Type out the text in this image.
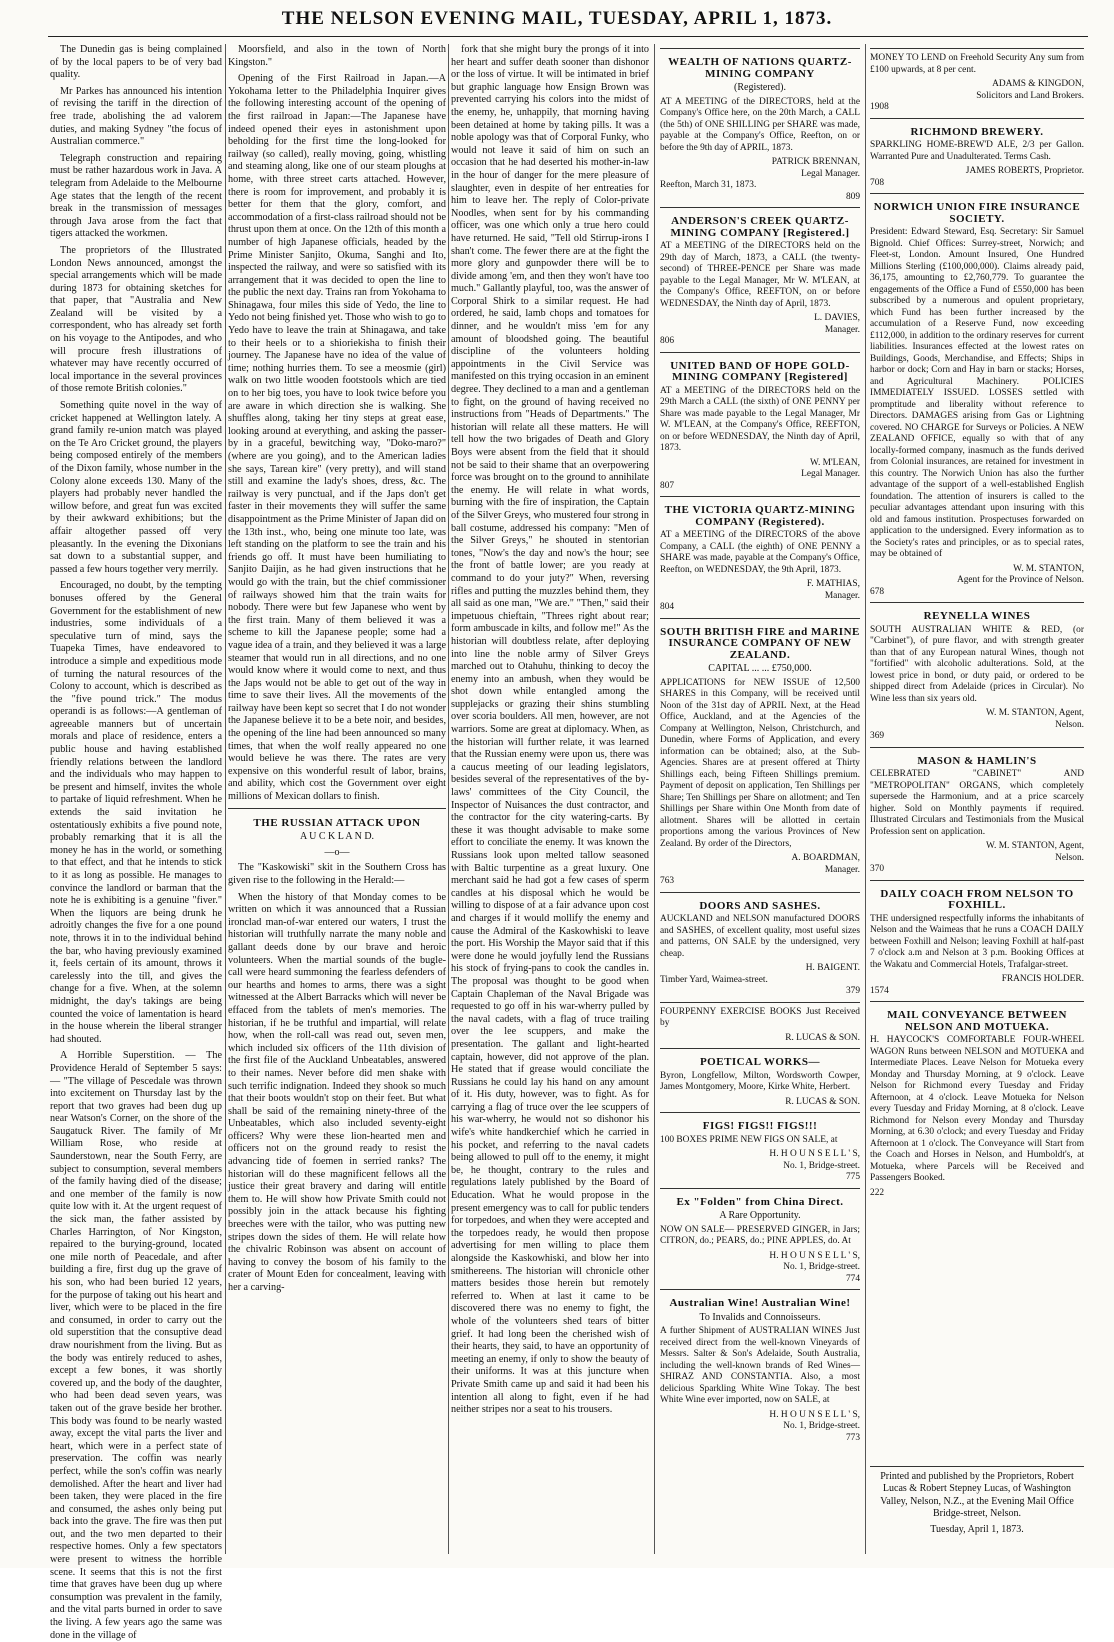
THE NELSON EVENING MAIL, TUESDAY, APRIL 1, 1873.

The Dunedin gas is being complained of by the local papers to be of very bad quality.

Mr Parkes has announced his intention of revising the tariff in the direction of free trade, abolishing the ad valorem duties, and making Sydney "the focus of Australian commerce."

Telegraph construction and repairing must be rather hazardous work in Java. A telegram from Adelaide to the Melbourne Age states that the length of the recent break in the transmission of messages through Java arose from the fact that tigers attacked the workmen.

The proprietors of the Illustrated London News announced, amongst the special arrangements which will be made during 1873 for obtaining sketches for that paper, that "Australia and New Zealand will be visited by a correspondent, who has already set forth on his voyage to the Antipodes, and who will procure fresh illustrations of whatever may have recently occurred of local importance in the several provinces of those remote British colonies."

Something quite novel in the way of cricket happened at Wellington lately. A grand family re-union match was played on the Te Aro Cricket ground, the players being composed entirely of the members of the Dixon family, whose number in the Colony alone exceeds 130. Many of the players had probably never handled the willow before, and great fun was excited by their awkward exhibitions; but the affair altogether passed off very pleasantly. In the evening the Dixonians sat down to a substantial supper, and passed a few hours together very merrily.

Encouraged, no doubt, by the tempting bonuses offered by the General Government for the establishment of new industries, some individuals of a speculative turn of mind, says the Tuapeka Times, have endeavored to introduce a simple and expeditious mode of turning the natural resources of the Colony to account, which is described as the "five pound trick." The modus operandi is as follows:—A gentleman of agreeable manners but of uncertain morals and place of residence, enters a public house and having established friendly relations between the landlord and the individuals who may happen to be present and himself, invites the whole to partake of liquid refreshment. When he extends the said invitation he ostentatiously exhibits a five pound note, probably remarking that it is all the money he has in the world, or something to that effect, and that he intends to stick to it as long as possible. He manages to convince the landlord or barman that the note he is exhibiting is a genuine "fiver." When the liquors are being drunk he adroitly changes the five for a one pound note, throws it in to the individual behind the bar, who having previously examined it, feels certain of its amount, throws it carelessly into the till, and gives the change for a five. When, at the solemn midnight, the day's takings are being counted the voice of lamentation is heard in the house wherein the liberal stranger had shouted.

A Horrible Superstition. — The Providence Herald of September 5 says:— "The village of Pescedale was thrown into excitement on Thursday last by the report that two graves had been dug up near Watson's Corner, on the shore of the Saugatuck River. The family of Mr William Rose, who reside at Saunderstown, near the South Ferry, are subject to consumption, several members of the family having died of the disease; and one member of the family is now quite low with it. At the urgent request of the sick man, the father assisted by Charles Harrington, of Nor Kingston, repaired to the burying-ground, located one mile north of Peacedale, and after building a fire, first dug up the grave of his son, who had been buried 12 years, for the purpose of taking out his heart and liver, which were to be placed in the fire and consumed, in order to carry out the old superstition that the consuptive dead draw nourishment from the living. But as the body was entirely reduced to ashes, except a few bones, it was shortly covered up, and the body of the daughter, who had been dead seven years, was taken out of the grave beside her brother. This body was found to be nearly wasted away, except the vital parts the liver and heart, which were in a perfect state of preservation. The coffin was nearly perfect, while the son's coffin was nearly demolished. After the heart and liver had been taken, they were placed in the fire and consumed, the ashes only being put back into the grave. The fire was then put out, and the two men departed to their respective homes. Only a few spectators were present to witness the horrible scene. It seems that this is not the first time that graves have been dug up where consumption was prevalent in the family, and the vital parts burned in order to save the living. A few years ago the same was done in the village of

Moorsfield, and also in the town of North Kingston."

Opening of the First Railroad in Japan.—A Yokohama letter to the Philadelphia Inquirer gives the following interesting account of the opening of the first railroad in Japan:—The Japanese have indeed opened their eyes in astonishment upon beholding for the first time the long-looked for railway (so called), really moving, going, whistling and steaming along, like one of our steam ploughs at home, with three street carts attached. However, there is room for improvement, and probably it is better for them that the glory, comfort, and accommodation of a first-class railroad should not be thrust upon them at once. On the 12th of this month a number of high Japanese officials, headed by the Prime Minister Sanjito, Okuma, Sanghi and Ito, inspected the railway, and were so satisfied with its arrangement that it was decided to open the line to the public the next day. Trains ran from Yokohama to Shinagawa, four miles this side of Yedo, the line to Yedo not being finished yet. Those who wish to go to Yedo have to leave the train at Shinagawa, and take to their heels or to a shioriekisha to finish their journey. The Japanese have no idea of the value of time; nothing hurries them. To see a meosmie (girl) walk on two little wooden footstools which are tied on to her big toes, you have to look twice before you are aware in which direction she is walking. She shuffles along, taking her tiny steps at great ease, looking around at everything, and asking the passer-by in a graceful, bewitching way, "Doko-maro?" (where are you going), and to the American ladies she says, Tarean kire" (very pretty), and will stand still and examine the lady's shoes, dress, &c. The railway is very punctual, and if the Japs don't get faster in their movements they will suffer the same disappointment as the Prime Minister of Japan did on the 13th inst., who, being one minute too late, was left standing on the platform to see the train and his friends go off. It must have been humiliating to Sanjito Daijin, as he had given instructions that he would go with the train, but the chief commissioner of railways showed him that the train waits for nobody. There were but few Japanese who went by the first train. Many of them believed it was a scheme to kill the Japanese people; some had a vague idea of a train, and they believed it was a large steamer that would run in all directions, and no one would know where it would come to next, and thus the Japs would not be able to get out of the way in time to save their lives. All the movements of the railway have been kept so secret that I do not wonder the Japanese believe it to be a bete noir, and besides, the opening of the line had been announced so many times, that when the wolf really appeared no one would believe he was there. The rates are very expensive on this wonderful result of labor, brains, and ability, which cost the Government over eight millions of Mexican dollars to finish.

THE RUSSIAN ATTACK UPON
A U C K L A N D.
—o—

The "Kaskowiski" skit in the Southern Cross has given rise to the following in the Herald:—

When the history of that Monday comes to be written on which it was announced that a Russian ironclad man-of-war entered our waters, I trust the historian will truthfully narrate the many noble and gallant deeds done by our brave and heroic volunteers. When the martial sounds of the bugle-call were heard summoning the fearless defenders of our hearths and homes to arms, there was a sight witnessed at the Albert Barracks which will never be effaced from the tablets of men's memories. The historian, if he be truthful and impartial, will relate how, when the roll-call was read out, seven men, which included six officers of the 11th division of the first file of the Auckland Unbeatables, answered to their names. Never before did men shake with such terrific indignation. Indeed they shook so much that their boots wouldn't stop on their feet. But what shall be said of the remaining ninety-three of the Unbeatables, which also included seventy-eight officers? Why were these lion-hearted men and officers not on the ground ready to resist the advancing tide of foemen in serried ranks? The historian will do these magnificent fellows all the justice their great bravery and daring will entitle them to. He will show how Private Smith could not possibly join in the attack because his fighting breeches were with the tailor, who was putting new stripes down the sides of them. He will relate how the chivalric Robinson was absent on account of having to convey the bosom of his family to the crater of Mount Eden for concealment, leaving with her a carving-

fork that she might bury the prongs of it into her heart and suffer death sooner than dishonor or the loss of virtue. It will be intimated in brief but graphic language how Ensign Brown was prevented carrying his colors into the midst of the enemy, he, unhappily, that morning having been detained at home by taking pills. It was a noble apology was that of Corporal Funky, who would not leave it said of him on such an occasion that he had deserted his mother-in-law in the hour of danger for the mere pleasure of slaughter, even in despite of her entreaties for him to leave her. The reply of Color-private Noodles, when sent for by his commanding officer, was one which only a true hero could have returned. He said, "Tell old Stirrup-irons I shan't come. The fewer there are at the fight the more glory and gunpowder there will be to divide among 'em, and then they won't have too much." Gallantly playful, too, was the answer of Corporal Shirk to a similar request. He had ordered, he said, lamb chops and tomatoes for dinner, and he wouldn't miss 'em for any amount of bloodshed going. The beautiful discipline of the volunteers holding appointments in the Civil Service was manifested on this trying occasion in an eminent degree. They declined to a man and a gentleman to fight, on the ground of having received no instructions from "Heads of Departments." The historian will relate all these matters. He will tell how the two brigades of Death and Glory Boys were absent from the field that it should not be said to their shame that an overpowering force was brought on to the ground to annihilate the enemy. He will relate in what words, burning with the fire of inspiration, the Captain of the Silver Greys, who mustered four strong in ball costume, addressed his company: "Men of the Silver Greys," he shouted in stentorian tones, "Now's the day and now's the hour; see the front of battle lower; are you ready at command to do your juty?" When, reversing rifles and putting the muzzles behind them, they all said as one man, "We are." "Then," said their impetuous chieftain, "Threes right about rear; form ambuscade in kilts, and follow me!" As the historian will doubtless relate, after deploying into line the noble army of Silver Greys marched out to Otahuhu, thinking to decoy the enemy into an ambush, when they would be shot down while entangled among the supplejacks or grazing their shins stumbling over scoria boulders. All men, however, are not warriors. Some are great at diplomacy. When, as the historian will further relate, it was learned that the Russian enemy were upon us, there was a caucus meeting of our leading legislators, besides several of the representatives of the by-laws' committees of the City Council, the Inspector of Nuisances the dust contractor, and the contractor for the city watering-carts. By these it was thought advisable to make some effort to conciliate the enemy. It was known the Russians look upon melted tallow seasoned with Baltic turpentine as a great luxury. One merchant said he had got a few cases of sperm candles at his disposal which he would be willing to dispose of at a fair advance upon cost and charges if it would mollify the enemy and cause the Admiral of the Kaskowhiski to leave the port. His Worship the Mayor said that if this were done he would joyfully lend the Russians his stock of frying-pans to cook the candles in. The proposal was thought to be good when Captain Chapleman of the Naval Brigade was requested to go off in his war-wherry pulled by the naval cadets, with a flag of truce trailing over the lee scuppers, and make the presentation. The gallant and light-hearted captain, however, did not approve of the plan. He stated that if grease would conciliate the Russians he could lay his hand on any amount of it. His duty, however, was to fight. As for carrying a flag of truce over the lee scuppers of his war-wherry, he would not so dishonor his wife's white handkerchief which he carried in his pocket, and referring to the naval cadets being allowed to pull off to the enemy, it might be, he thought, contrary to the rules and regulations lately published by the Board of Education. What he would propose in the present emergency was to call for public tenders for torpedoes, and when they were accepted and the torpedoes ready, he would then propose advertising for men willing to place them alongside the Kaskowhiski, and blow her into smithereens. The historian will chronicle other matters besides those herein but remotely referred to. When at last it came to be discovered there was no enemy to fight, the whole of the volunteers shed tears of bitter grief. It had long been the cherished wish of their hearts, they said, to have an opportunity of meeting an enemy, if only to show the beauty of their uniforms. It was at this juncture when Private Smith came up and said it had been his intention all along to fight, even if he had neither stripes nor a seat to his trousers.

WEALTH OF NATIONS QUARTZ-MINING COMPANY
(Registered).
AT A MEETING of the DIRECTORS, held at the Company's Office here, on the 20th March, a CALL (the 5th) of ONE SHILLING per SHARE was made, payable at the Company's Office, Reefton, on or before the 9th day of APRIL, 1873.
PATRICK BRENNAN,
Legal Manager.
Reefton, March 31, 1873.
809
ANDERSON'S CREEK QUARTZ-MINING COMPANY [Registered.]
AT a MEETING of the DIRECTORS held on the 29th day of March, 1873, a CALL (the twenty-second) of THREE-PENCE per Share was made payable to the Legal Manager, Mr W. M'LEAN, at the Company's Office, REEFTON, on or before WEDNESDAY, the Ninth day of April, 1873.
L. DAVIES,
Manager.
806
UNITED BAND OF HOPE GOLD-MINING COMPANY [Registered]
AT a MEETING of the DIRECTORS held on the 29th March a CALL (the sixth) of ONE PENNY per Share was made payable to the Legal Manager, Mr W. M'LEAN, at the Company's Office, REEFTON, on or before WEDNESDAY, the Ninth day of April, 1873.
W. M'LEAN,
Legal Manager.
807
THE VICTORIA QUARTZ-MINING COMPANY (Registered).
AT a MEETING of the DIRECTORS of the above Company, a CALL (the eighth) of ONE PENNY a SHARE was made, payable at the Company's Office, Reefton, on WEDNESDAY, the 9th April, 1873.
F. MATHIAS,
Manager.
804
SOUTH BRITISH FIRE and MARINE INSURANCE COMPANY OF NEW ZEALAND.
CAPITAL ... ... £750,000.
APPLICATIONS for NEW ISSUE of 12,500 SHARES in this Company, will be received until Noon of the 31st day of APRIL Next, at the Head Office, Auckland, and at the Agencies of the Company at Wellington, Nelson, Christchurch, and Dunedin, where Forms of Application, and every information can be obtained; also, at the Sub-Agencies. Shares are at present offered at Thirty Shillings each, being Fifteen Shillings premium. Payment of deposit on application, Ten Shillings per Share; Ten Shillings per Share on allotment; and Ten Shillings per Share within One Month from date of allotment. Shares will be allotted in certain proportions among the various Provinces of New Zealand. By order of the Directors,
A. BOARDMAN,
Manager.
763
DOORS AND SASHES.
AUCKLAND and NELSON manufactured DOORS and SASHES, of excellent quality, most useful sizes and patterns, ON SALE by the undersigned, very cheap.
H. BAIGENT.
Timber Yard, Waimea-street.
379
FOURPENNY EXERCISE BOOKS Just Received by
R. LUCAS & SON.
POETICAL WORKS—
Byron, Longfellow, Milton, Wordsworth Cowper, James Montgomery, Moore, Kirke White, Herbert.
R. LUCAS & SON.
FIGS! FIGS!! FIGS!!!
100 BOXES PRIME NEW FIGS ON SALE, at
H. H O U N S E L L ' S,
No. 1, Bridge-street.
775
Ex "Folden" from China Direct.
A Rare Opportunity.
NOW ON SALE— PRESERVED GINGER, in Jars; CITRON, do.; PEARS, do.; PINE APPLES, do. At
H. H O U N S E L L ' S,
No. 1, Bridge-street.
774
Australian Wine! Australian Wine!
To Invalids and Connoisseurs.
A further Shipment of AUSTRALIAN WINES Just received direct from the well-known Vineyards of Messrs. Salter & Son's Adelaide, South Australia, including the well-known brands of Red Wines— SHIRAZ AND CONSTANTIA. Also, a most delicious Sparkling White Wine Tokay. The best White Wine ever imported, now on SALE, at
H. H O U N S E L L ' S,
No. 1, Bridge-street.
773
MONEY TO LEND on Freehold Security Any sum from £100 upwards, at 8 per cent.
ADAMS & KINGDON,
Solicitors and Land Brokers.
1908
RICHMOND BREWERY.
SPARKLING HOME-BREW'D ALE, 2/3 per Gallon. Warranted Pure and Unadulterated. Terms Cash.
JAMES ROBERTS, Proprietor.
708
NORWICH UNION FIRE INSURANCE SOCIETY.
President: Edward Steward, Esq. Secretary: Sir Samuel Bignold. Chief Offices: Surrey-street, Norwich; and Fleet-st, London. Amount Insured, One Hundred Millions Sterling (£100,000,000). Claims already paid, 36,175, amounting to £2,760,779. To guarantee the engagements of the Office a Fund of £550,000 has been subscribed by a numerous and opulent proprietary, which Fund has been further increased by the accumulation of a Reserve Fund, now exceeding £112,000, in addition to the ordinary reserves for current liabilities. Insurances effected at the lowest rates on Buildings, Goods, Merchandise, and Effects; Ships in harbor or dock; Corn and Hay in barn or stacks; Horses, and Agricultural Machinery. POLICIES IMMEDIATELY ISSUED. LOSSES settled with promptitude and liberality without reference to Directors. DAMAGES arising from Gas or Lightning covered. NO CHARGE for Surveys or Policies. A NEW ZEALAND OFFICE, equally so with that of any locally-formed company, inasmuch as the funds derived from Colonial insurances, are retained for investment in this country. The Norwich Union has also the further advantage of the support of a well-established English foundation. The attention of insurers is called to the peculiar advantages attendant upon insuring with this old and famous institution. Prospectuses forwarded on application to the undersigned. Every information as to the Society's rates and principles, or as to special rates, may be obtained of
W. M. STANTON,
Agent for the Province of Nelson.
678
REYNELLA WINES
SOUTH AUSTRALIAN WHITE & RED, (or "Carbinet"), of pure flavor, and with strength greater than that of any European natural Wines, though not "fortified" with alcoholic adulterations. Sold, at the lowest price in bond, or duty paid, or ordered to be shipped direct from Adelaide (prices in Circular). No Wine less than six years old.
W. M. STANTON, Agent,
Nelson.
369
MASON & HAMLIN'S
CELEBRATED "CABINET" AND "METROPOLITAN" ORGANS, which completely supersede the Harmonium, and at a price scarcely higher. Sold on Monthly payments if required. Illustrated Circulars and Testimonials from the Musical Profession sent on application.
W. M. STANTON, Agent,
Nelson.
370
DAILY COACH FROM NELSON TO FOXHILL.
THE undersigned respectfully informs the inhabitants of Nelson and the Waimeas that he runs a COACH DAILY between Foxhill and Nelson; leaving Foxhill at half-past 7 o'clock a.m and Nelson at 3 p.m. Booking Offices at the Wakatu and Commercial Hotels, Trafalgar-street.
FRANCIS HOLDER.
1574
MAIL CONVEYANCE BETWEEN NELSON AND MOTUEKA.
H. HAYCOCK'S COMFORTABLE FOUR-WHEEL WAGON Runs between NELSON and MOTUEKA and Intermediate Places. Leave Nelson for Motueka every Monday and Thursday Morning, at 9 o'clock. Leave Nelson for Richmond every Tuesday and Friday Afternoon, at 4 o'clock. Leave Motueka for Nelson every Tuesday and Friday Morning, at 8 o'clock. Leave Richmond for Nelson every Monday and Thursday Morning, at 6.30 o'clock; and every Tuesday and Friday Afternoon at 1 o'clock. The Conveyance will Start from the Coach and Horses in Nelson, and Humboldt's, at Motueka, where Parcels will be Received and Passengers Booked.
222
Printed and published by the Proprietors, Robert Lucas & Robert Stepney Lucas, of Washington Valley, Nelson, N.Z., at the Evening Mail Office Bridge-street, Nelson.
Tuesday, April 1, 1873.
